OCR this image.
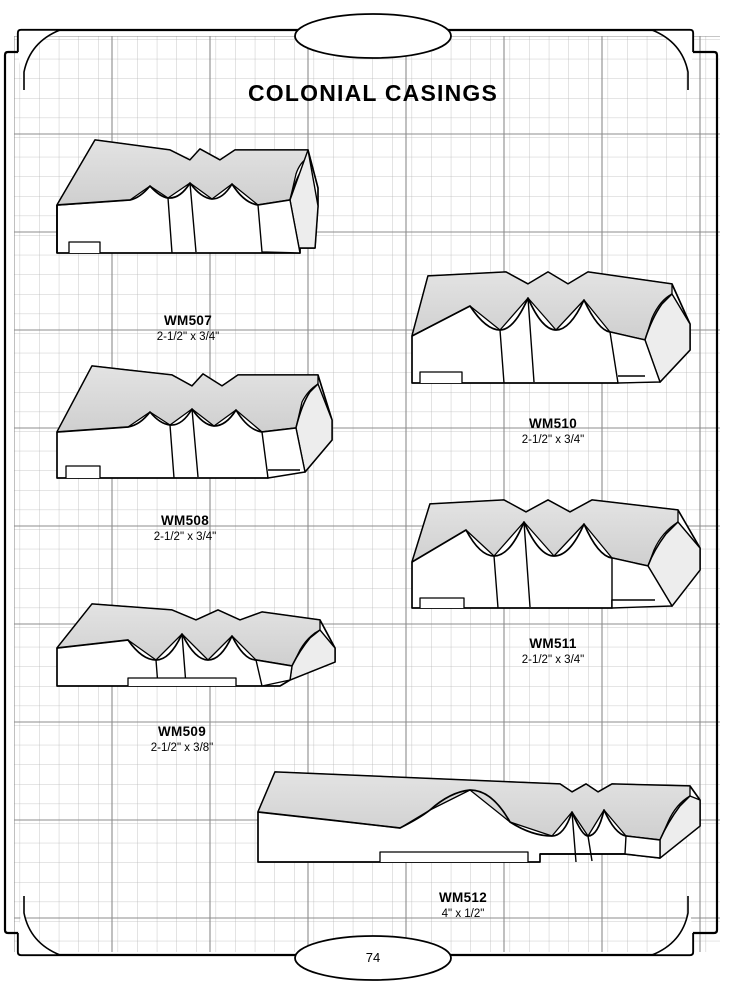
COLONIAL CASINGS
WM507
2-1/2" x 3/4"
WM508
2-1/2" x 3/4"
WM509
2-1/2" x 3/8"
WM510
2-1/2" x 3/4"
WM511
2-1/2" x 3/4"
WM512
4" x 1/2"
74
